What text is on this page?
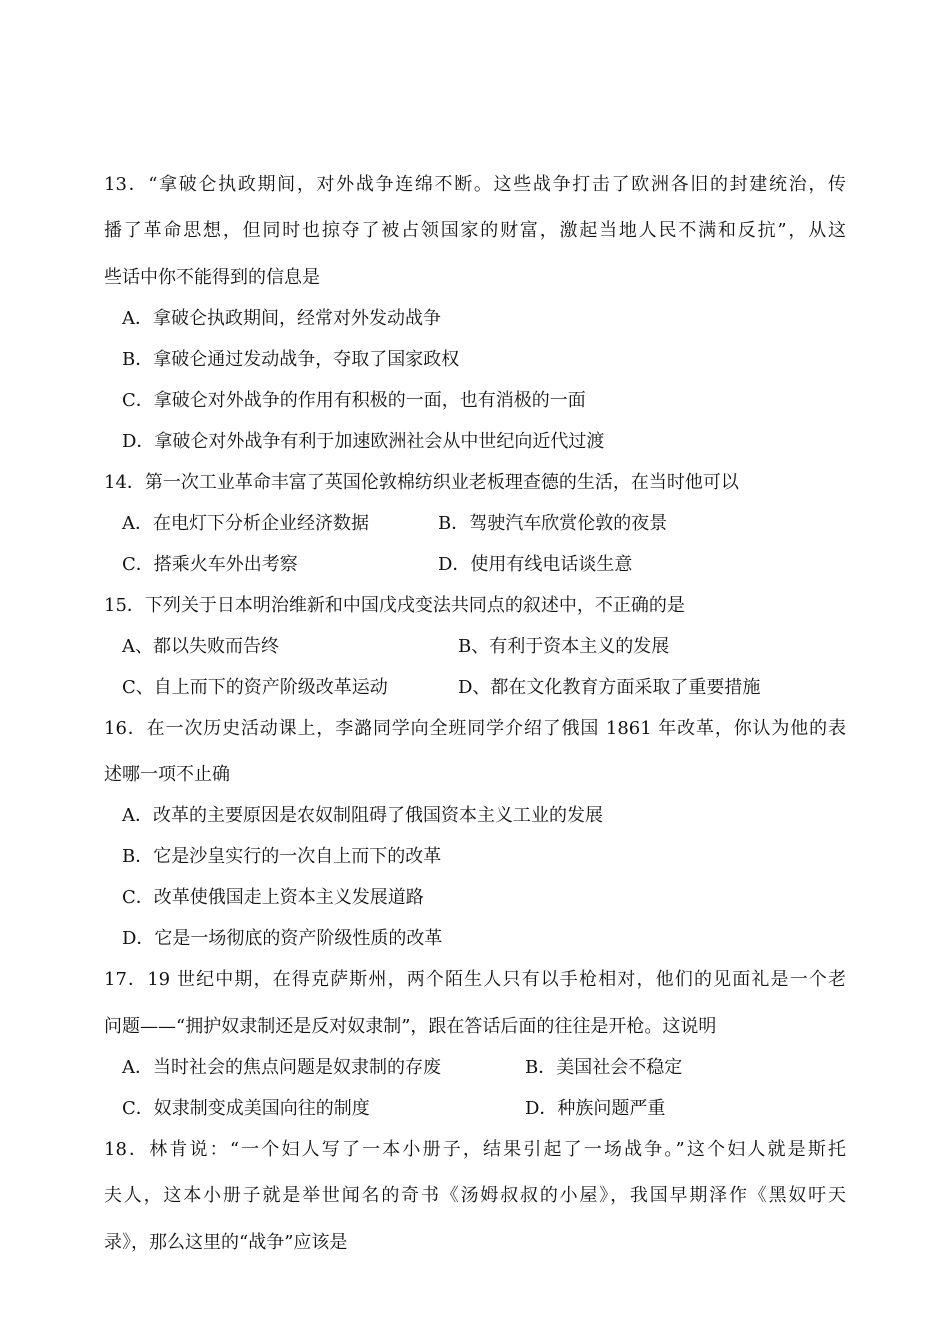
13．“拿破仑执政期间，对外战争连绵不断。这些战争打击了欧洲各旧的封建统治，传
播了革命思想，但同时也掠夺了被占领国家的财富，激起当地人民不满和反抗”，从这
些话中你不能得到的信息是
A．拿破仑执政期间，经常对外发动战争
B．拿破仑通过发动战争，夺取了国家政权
C．拿破仑对外战争的作用有积极的一面，也有消极的一面
D．拿破仑对外战争有利于加速欧洲社会从中世纪向近代过渡
14．第一次工业革命丰富了英国伦敦棉纺织业老板理查德的生活，在当时他可以
A．在电灯下分析企业经济数据	B．驾驶汽车欣赏伦敦的夜景
C．搭乘火车外出考察	D．使用有线电话谈生意
15．下列关于日本明治维新和中国戊戌变法共同点的叙述中，不正确的是
A、都以失败而告终	B、有利于资本主义的发展
C、自上而下的资产阶级改革运动	D、都在文化教育方面采取了重要措施
16．在一次历史活动课上，李潞同学向全班同学介绍了俄国 1861 年改革，你认为他的表
述哪一项不止确
A．改革的主要原因是农奴制阻碍了俄国资本主义工业的发展
B．它是沙皇实行的一次自上而下的改革
C．改革使俄国走上资本主义发展道路
D．它是一场彻底的资产阶级性质的改革
17．19 世纪中期，在得克萨斯州，两个陌生人只有以手枪相对，他们的见面礼是一个老
问题——“拥护奴隶制还是反对奴隶制”，跟在答话后面的往往是开枪。这说明
A．当时社会的焦点问题是奴隶制的存废	B．美国社会不稳定
C．奴隶制变成美国向往的制度	D．种族问题严重
18．林肯说：“一个妇人写了一本小册子，结果引起了一场战争。”这个妇人就是斯托
夫人，这本小册子就是举世闻名的奇书《汤姆叔叔的小屋》，我国早期泽作《黑奴吁天
录》，那么这里的“战争”应该是
